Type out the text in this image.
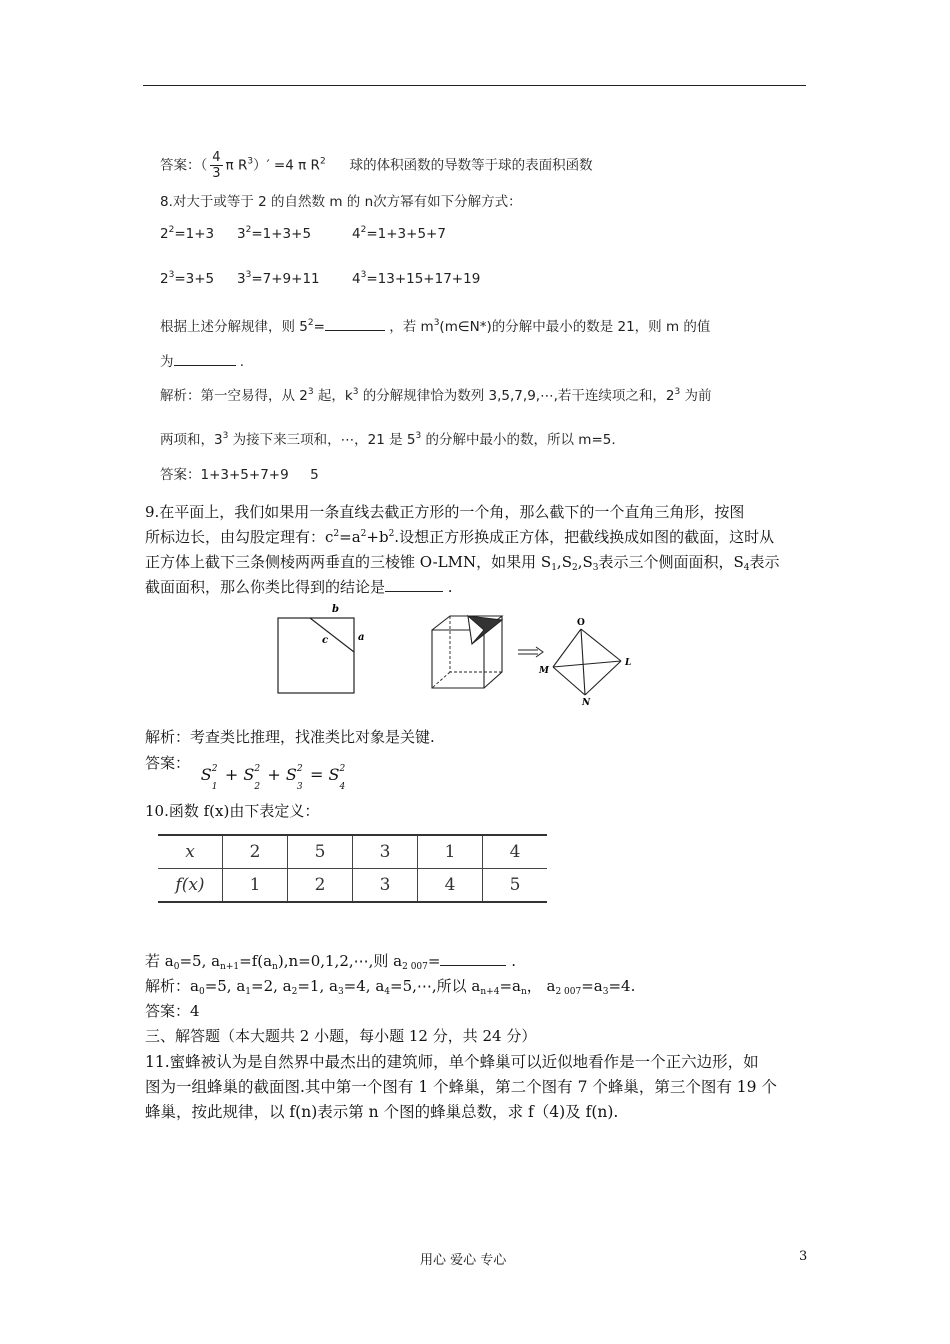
答案：（ $\frac{4}{3}$ π $R^3)' =4$ π $R^2$ 球的体积函数的导数等于球的表面积函数
8.对大于或等于 2 的自然数 m 的 n次方幂有如下分解方式：
$2^2=1+3$ $3^2=1+3+5$	$4^2=1+3+5+7$
$2^3=3+5$ $3^3=7+9+11$ $4^3=13+15+17+19$
根据上述分解规律，则 $5^2=$	，若 $m^3(m\in N*)$的分解中最小的数是 21，则 m 的值
为	.
解析：第一空易得，从 $2^3$ 起，$k^3$ 的分解规律恰为数列 3,5,7,9,⋯,若干连续项之和，$2^3$ 为前
两项和，$3^3$ 为接下来三项和，⋯，21 是 $5^3$ 的分解中最小的数，所以 m=5.
答案：1+3+5+7+9     5
9.在平面上，我们如果用一条直线去截正方形的一个角，那么截下的一个直角三角形，按图
所标边长，由勾股定理有：$c^2=a^2+b^2$.设想正方形换成正方体，把截线换成如图的截面，这时从
正方体上截下三条侧棱两两垂直的三棱锥 O-LMN，如果用 $S_1,S_2,S_3$表示三个侧面面积，$S_4$表示
截面面积，那么你类比得到的结论是	.
b
a
c
O
M
L
N
解析：考查类比推理，找准类比对象是关键.
答案： S 2
1
+ S 2
2
+ S 2
3
= S 2
4
10.函数 f(x)由下表定义：
x	2	5	3	1	4
f(x)	1	2	3	4	5
若 $a_0=5$, $a_{n+1}=f(a_n),n=0,1,2,\cdots$,则 $a_{2 007}=$	.
解析：$a_0=5$, $a_1=2$, $a_2=1$, $a_3=4$, $a_4=5,\cdots$,所以 $a_{n+4}=a_n$， $a_{2 007}=a_3=4$.
答案：4
三、解答题（本大题共 2 小题，每小题 12 分，共 24 分）
11.蜜蜂被认为是自然界中最杰出的建筑师，单个蜂巢可以近似地看作是一个正六边形，如
图为一组蜂巢的截面图.其中第一个图有 1 个蜂巢，第二个图有 7 个蜂巢，第三个图有 19 个
蜂巢，按此规律，以 f(n)表示第 n 个图的蜂巢总数，求 f（4)及 f(n).
用心 爱心 专心	3
